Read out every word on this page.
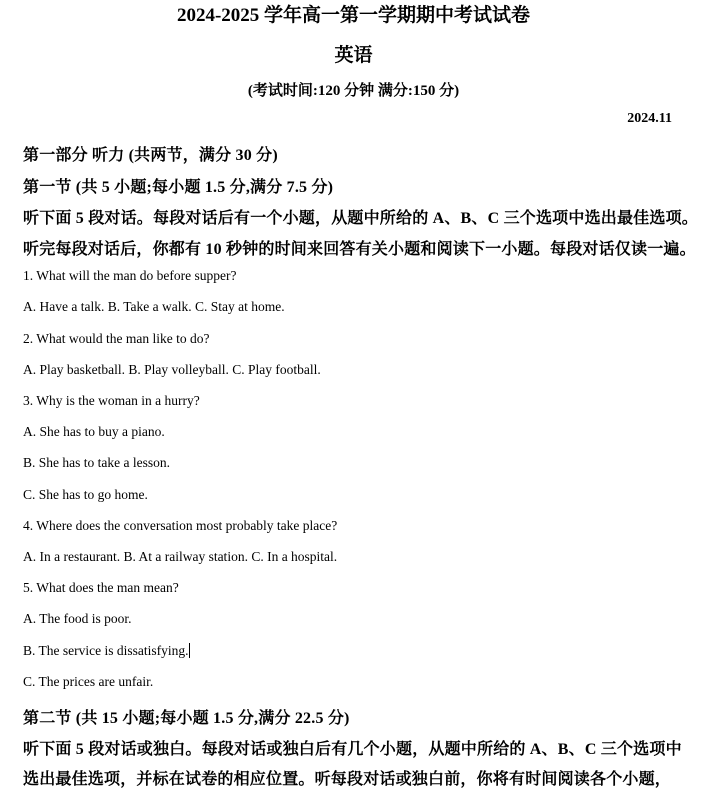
2024-2025 学年高一第一学期期中考试试卷
英语
(考试时间:120 分钟 满分:150 分)
2024.11
第一部分 听力 (共两节，满分 30 分)
第一节 (共 5 小题;每小题 1.5 分,满分 7.5 分)
听下面 5 段对话。每段对话后有一个小题，从题中所给的 A、B、C 三个选项中选出最佳选项。
听完每段对话后，你都有 10 秒钟的时间来回答有关小题和阅读下一小题。每段对话仅读一遍。
1. What will the man do before supper?
A. Have a talk. B. Take a walk. C. Stay at home.
2. What would the man like to do?
A. Play basketball. B. Play volleyball. C. Play football.
3. Why is the woman in a hurry?
A. She has to buy a piano.
B. She has to take a lesson.
C. She has to go home.
4. Where does the conversation most probably take place?
A. In a restaurant. B. At a railway station. C. In a hospital.
5. What does the man mean?
A. The food is poor.
B. The service is dissatisfying.
C. The prices are unfair.
第二节 (共 15 小题;每小题 1.5 分,满分 22.5 分)
听下面 5 段对话或独白。每段对话或独白后有几个小题，从题中所给的 A、B、C 三个选项中
选出最佳选项，并标在试卷的相应位置。听每段对话或独白前，你将有时间阅读各个小题，
